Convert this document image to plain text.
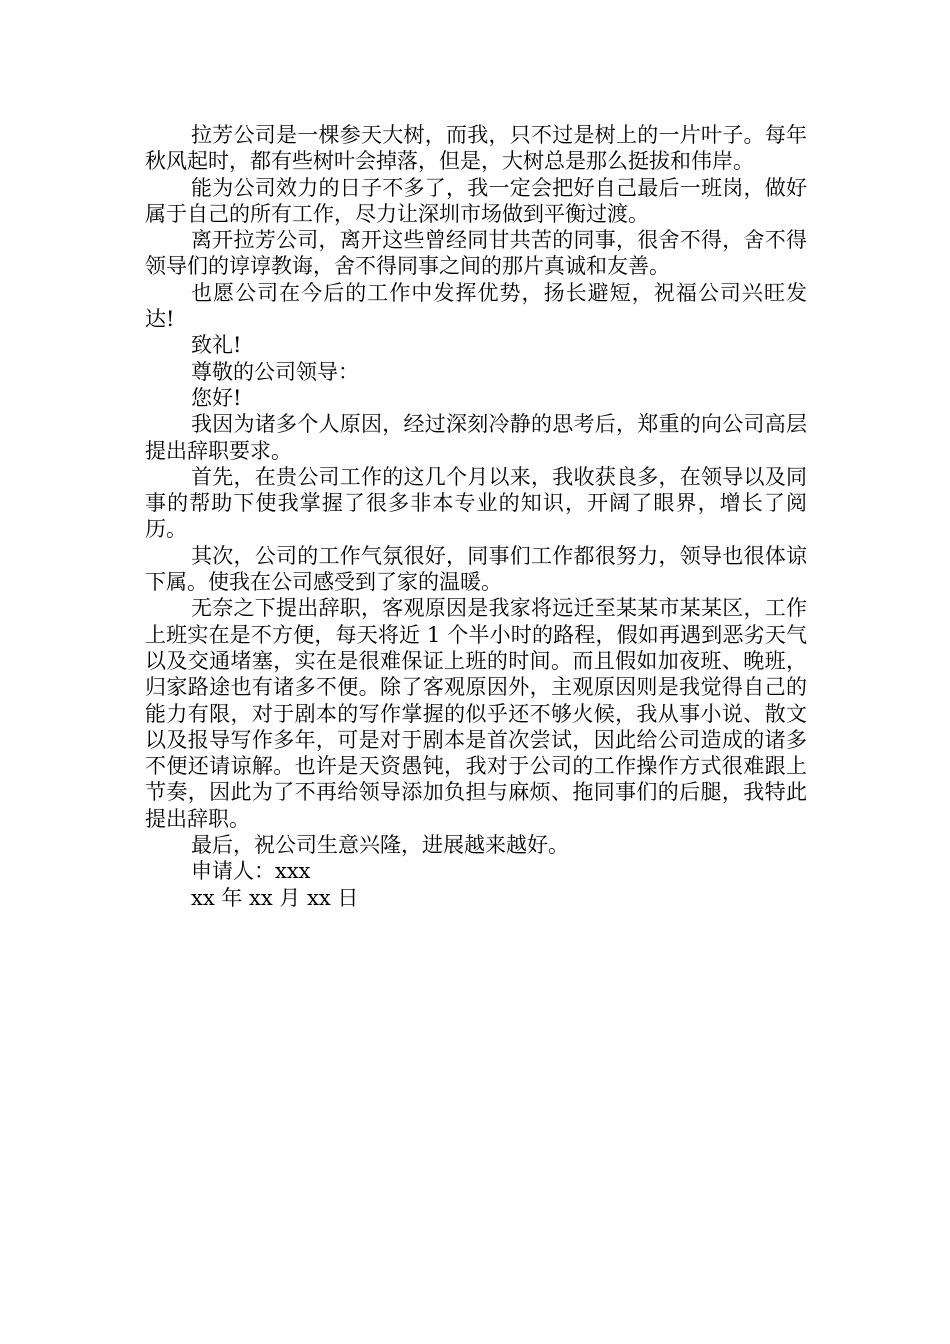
拉芳公司是一棵参天大树，而我，只不过是树上的一片叶子。每年秋风起时，都有些树叶会掉落，但是，大树总是那么挺拔和伟岸。

能为公司效力的日子不多了，我一定会把好自己最后一班岗，做好属于自己的所有工作，尽力让深圳市场做到平衡过渡。

离开拉芳公司，离开这些曾经同甘共苦的同事，很舍不得，舍不得领导们的谆谆教诲，舍不得同事之间的那片真诚和友善。

也愿公司在今后的工作中发挥优势，扬长避短，祝福公司兴旺发达!

致礼!

尊敬的公司领导：

您好!

我因为诸多个人原因，经过深刻冷静的思考后，郑重的向公司高层提出辞职要求。

首先，在贵公司工作的这几个月以来，我收获良多，在领导以及同事的帮助下使我掌握了很多非本专业的知识，开阔了眼界，增长了阅历。

其次，公司的工作气氛很好，同事们工作都很努力，领导也很体谅下属。使我在公司感受到了家的温暖。

无奈之下提出辞职，客观原因是我家将远迁至某某市某某区，工作上班实在是不方便，每天将近 1 个半小时的路程，假如再遇到恶劣天气以及交通堵塞，实在是很难保证上班的时间。而且假如加夜班、晚班，归家路途也有诸多不便。除了客观原因外，主观原因则是我觉得自己的能力有限，对于剧本的写作掌握的似乎还不够火候，我从事小说、散文以及报导写作多年，可是对于剧本是首次尝试，因此给公司造成的诸多不便还请谅解。也许是天资愚钝，我对于公司的工作操作方式很难跟上节奏，因此为了不再给领导添加负担与麻烦、拖同事们的后腿，我特此提出辞职。

最后，祝公司生意兴隆，进展越来越好。

申请人：xxx

xx 年 xx 月 xx 日
